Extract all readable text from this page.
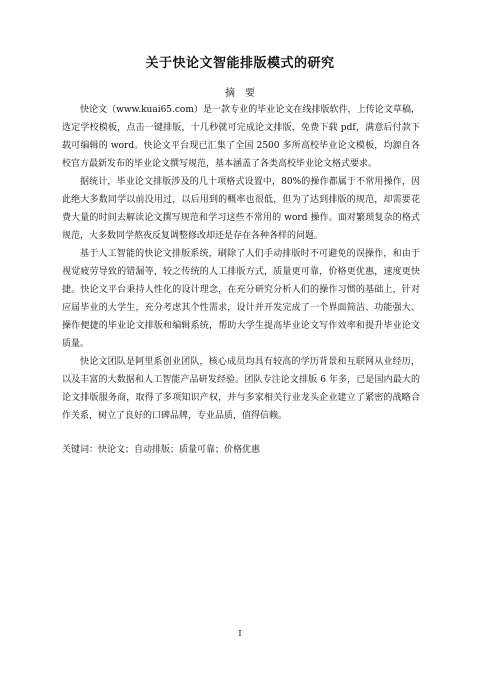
关于快论文智能排版模式的研究
摘　要

快论文（www.kuai65.com）是一款专业的毕业论文在线排版软件，上传论文草稿，选定学校模板，点击一键排版，十几秒就可完成论文排版，免费下载 pdf，满意后付款下载可编辑的 word。快论文平台现已汇集了全国 2500 多所高校毕业论文模板，均源自各校官方最新发布的毕业论文撰写规范，基本涵盖了各类高校毕业论文格式要求。

据统计，毕业论文排版涉及的几十项格式设置中，80%的操作都属于不常用操作，因此绝大多数同学以前没用过，以后用到的概率也很低，但为了达到排版的规范，却需要花费大量的时间去解读论文撰写规范和学习这些不常用的 word 操作。面对繁琐复杂的格式规范，大多数同学熬夜反复调整修改却还是存在各种各样的问题。

基于人工智能的快论文排版系统，刷除了人们手动排版时不可避免的误操作，和由于视觉疲劳导致的错漏等，较之传统的人工排版方式，质量更可靠，价格更优惠，速度更快捷。快论文平台秉持人性化的设计理念，在充分研究分析人们的操作习惯的基础上，针对应届毕业的大学生，充分考虑其个性需求，设计并开发完成了一个界面简洁、功能强大、操作便捷的毕业论文排版和编辑系统，帮助大学生提高毕业论文写作效率和提升毕业论文质量。

快论文团队是阿里系创业团队，核心成员均具有较高的学历背景和互联网从业经历，以及丰富的大数据和人工智能产品研发经验。团队专注论文排版 6 年多，已是国内最大的论文排版服务商，取得了多项知识产权，并与多家相关行业龙头企业建立了紧密的战略合作关系，树立了良好的口碑品牌，专业品质，值得信赖。

关键词：快论文；自动排版；质量可靠；价格优惠

I
